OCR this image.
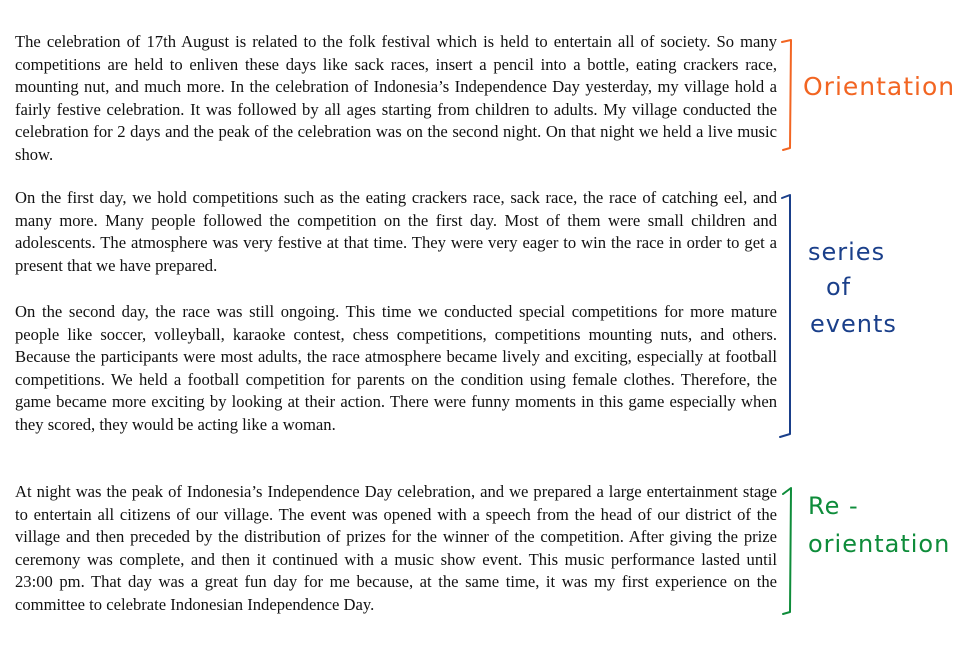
The celebration of 17th August is related to the folk festival which is held to entertain all of society. So many competitions are held to enliven these days like sack races, insert a pencil into a bottle, eating crackers race, mounting nut, and much more. In the celebration of Indonesia’s Independence Day yesterday, my village hold a fairly festive celebration. It was followed by all ages starting from children to adults. My village conducted the celebration for 2 days and the peak of the celebration was on the second night. On that night we held a live music show.

On the first day, we hold competitions such as the eating crackers race, sack race, the race of catching eel, and many more. Many people followed the competition on the first day. Most of them were small children and adolescents. The atmosphere was very festive at that time. They were very eager to win the race in order to get a present that we have prepared.

On the second day, the race was still ongoing. This time we conducted special competitions for more mature people like soccer, volleyball, karaoke contest, chess competitions, competitions mounting nuts, and others. Because the participants were most adults, the race atmosphere became lively and exciting, especially at football competitions. We held a football competition for parents on the condition using female clothes. Therefore, the game became more exciting by looking at their action. There were funny moments in this game especially when they scored, they would be acting like a woman.

At night was the peak of Indonesia’s Independence Day celebration, and we prepared a large entertainment stage to entertain all citizens of our village. The event was opened with a speech from the head of our district of the village and then preceded by the distribution of prizes for the winner of the competition. After giving the prize ceremony was complete, and then it continued with a music show event. This music performance lasted until 23:00 pm. That day was a great fun day for me because, at the same time, it was my first experience on the committee to celebrate Indonesian Independence Day.

Orientation
series
of
events
Re -
orientation
